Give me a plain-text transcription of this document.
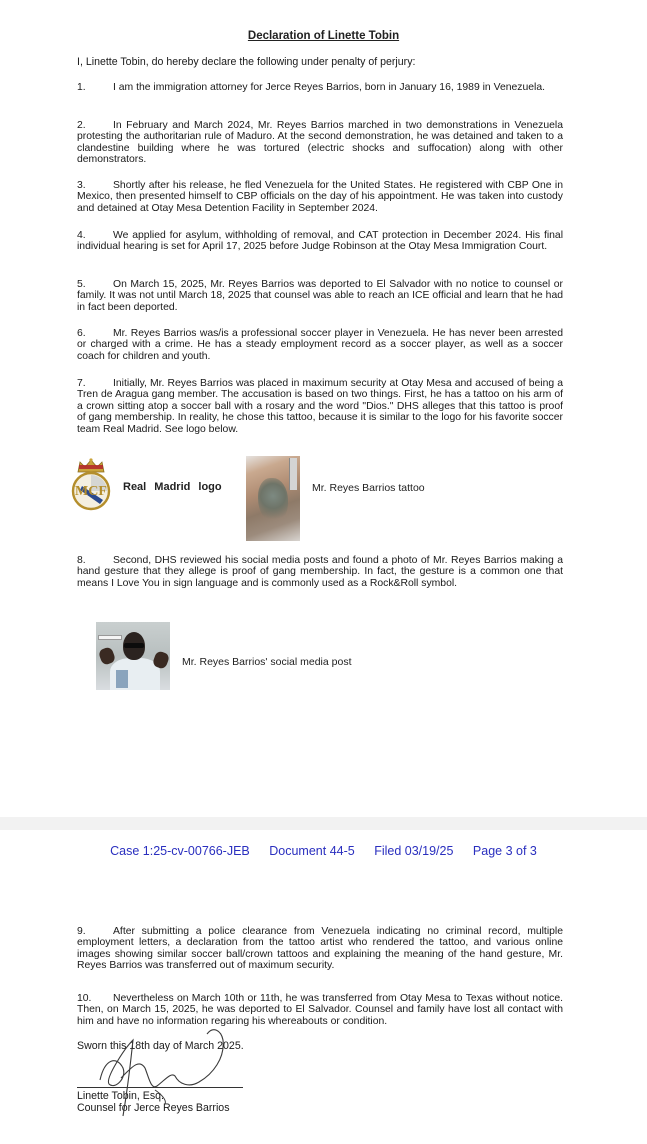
Declaration of Linette Tobin
I, Linette Tobin, do hereby declare the following under penalty of perjury:
1.	I am the immigration attorney for Jerce Reyes Barrios, born in January 16, 1989 in Venezuela.
2.	In February and March 2024, Mr. Reyes Barrios marched in two demonstrations in Venezuela protesting the authoritarian rule of Maduro. At the second demonstration, he was detained and taken to a clandestine building where he was tortured (electric shocks and suffocation) along with other demonstrators.
3.	Shortly after his release, he fled Venezuela for the United States. He registered with CBP One in Mexico, then presented himself to CBP officials on the day of his appointment. He was taken into custody and detained at Otay Mesa Detention Facility in September 2024.
4.	We applied for asylum, withholding of removal, and CAT protection in December 2024. His final individual hearing is set for April 17, 2025 before Judge Robinson at the Otay Mesa Immigration Court.
5.	On March 15, 2025, Mr. Reyes Barrios was deported to El Salvador with no notice to counsel or family. It was not until March 18, 2025 that counsel was able to reach an ICE official and learn that he had in fact been deported.
6.	Mr. Reyes Barrios was/is a professional soccer player in Venezuela. He has never been arrested or charged with a crime. He has a steady employment record as a soccer player, as well as a soccer coach for children and youth.
7.	Initially, Mr. Reyes Barrios was placed in maximum security at Otay Mesa and accused of being a Tren de Aragua gang member. The accusation is based on two things. First, he has a tattoo on his arm of a crown sitting atop a soccer ball with a rosary and the word "Dios." DHS alleges that this tattoo is proof of gang membership. In reality, he chose this tattoo, because it is similar to the logo for his favorite soccer team Real Madrid. See logo below.
MCF Real Madrid logo	Mr. Reyes Barrios tattoo
8.	Second, DHS reviewed his social media posts and found a photo of Mr. Reyes Barrios making a hand gesture that they allege is proof of gang membership. In fact, the gesture is a common one that means I Love You in sign language and is commonly used as a Rock&Roll symbol.
Mr. Reyes Barrios' social media post
Case 1:25-cv-00766-JEB Document 44-5 Filed 03/19/25 Page 3 of 3
9.	After submitting a police clearance from Venezuela indicating no criminal record, multiple employment letters, a declaration from the tattoo artist who rendered the tattoo, and various online images showing similar soccer ball/crown tattoos and explaining the meaning of the hand gesture, Mr. Reyes Barrios was transferred out of maximum security.
10. Nevertheless on March 10th or 11th, he was transferred from Otay Mesa to Texas without notice. Then, on March 15, 2025, he was deported to El Salvador. Counsel and family have lost all contact with him and have no information regaring his whereabouts or condition.
Sworn this 18th day of March 2025.
Linette Tobin, Esq.
Counsel for Jerce Reyes Barrios
